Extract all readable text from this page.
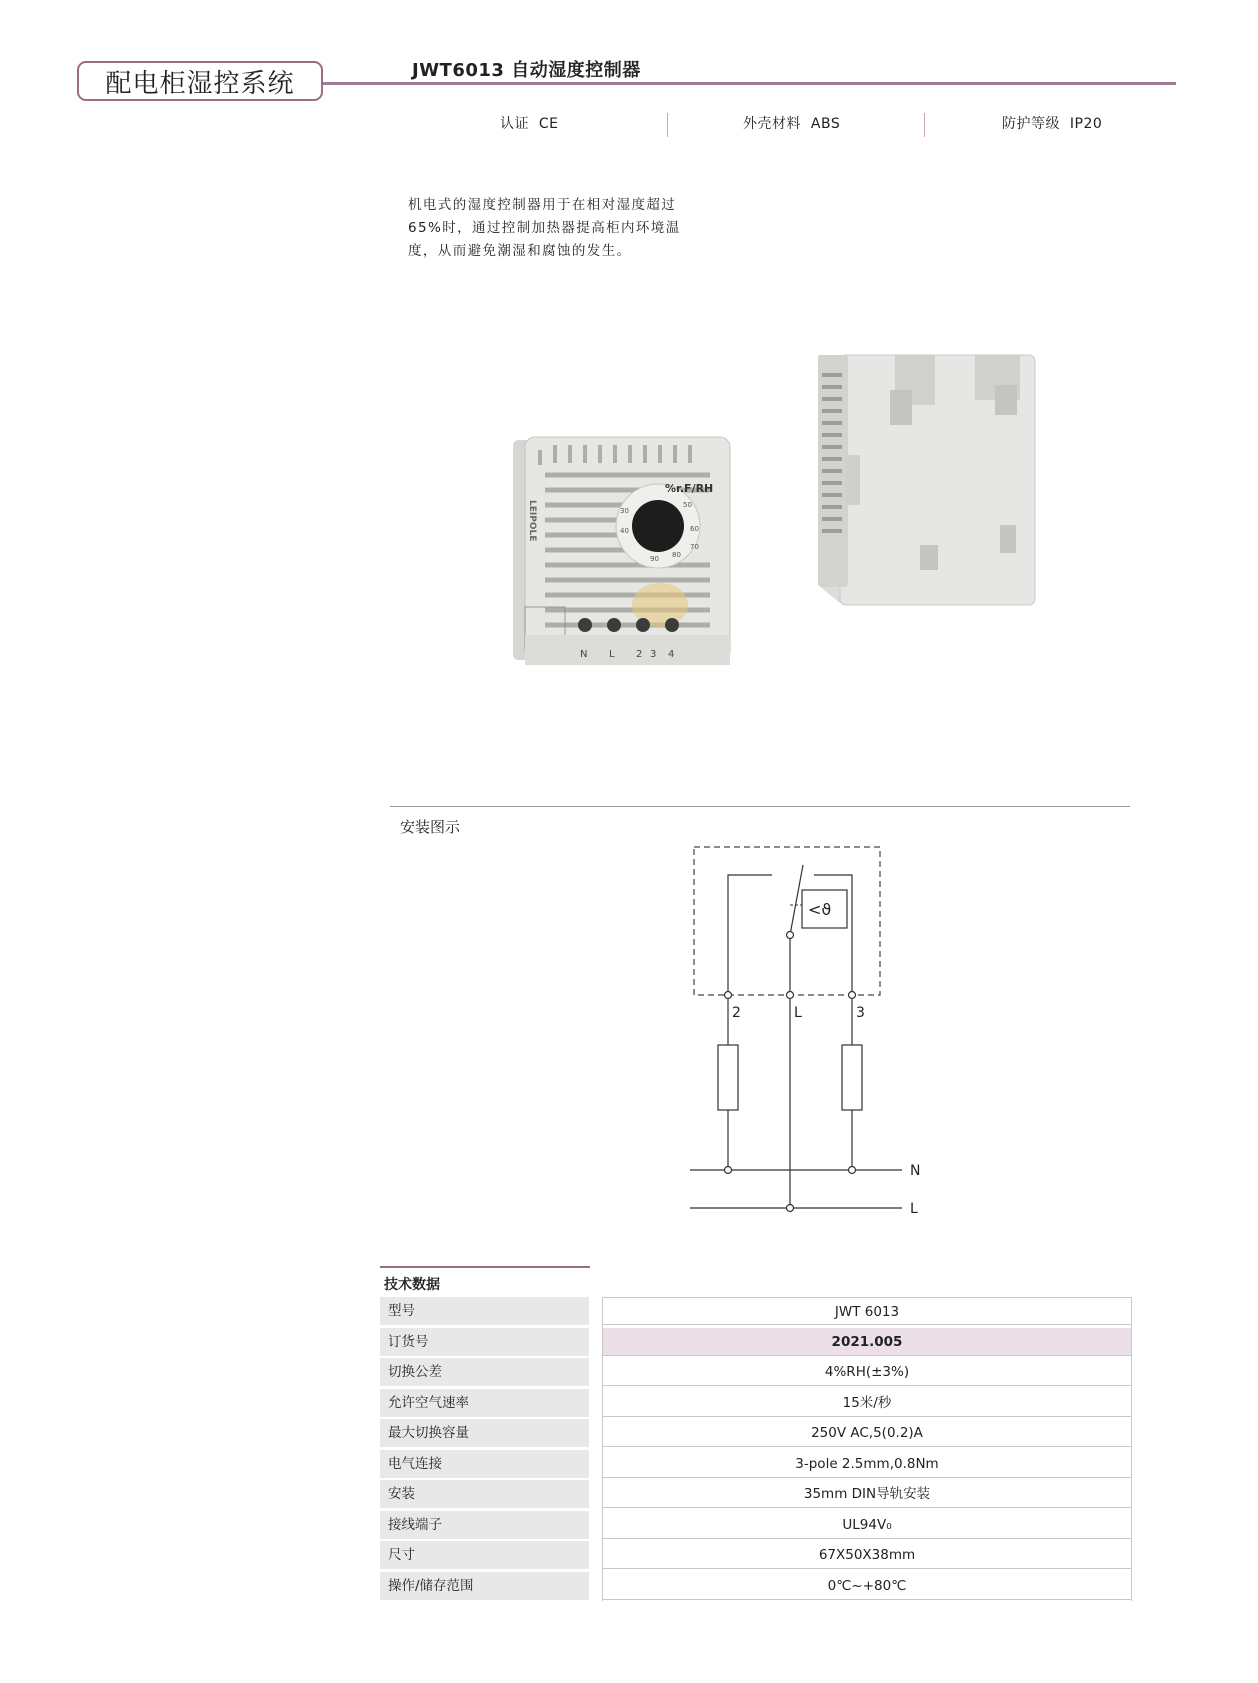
配电柜湿控系统	JWT6013 自动湿度控制器
认证 CE	外壳材料 ABS	防护等级 IP20
机电式的湿度控制器用于在相对湿度超过
65%时，通过控制加热器提高柜内环境温
度，从而避免潮湿和腐蚀的发生。
%r.F/RH
30
40
50
60
70
80
90
LEIPOLE
N L 2 3 4
安装图示
<ϑ
2	L	3
N
L
技术数据
型号	JWT 6013
订货号	2021.005
切换公差	4%RH(±3%)
允许空气速率	15米/秒
最大切换容量	250V AC,5(0.2)A
电气连接	3-pole 2.5mm,0.8Nm
安装	35mm DIN导轨安装
接线端子	UL94V₀
尺寸	67X50X38mm
操作/储存范围	0℃~+80℃
